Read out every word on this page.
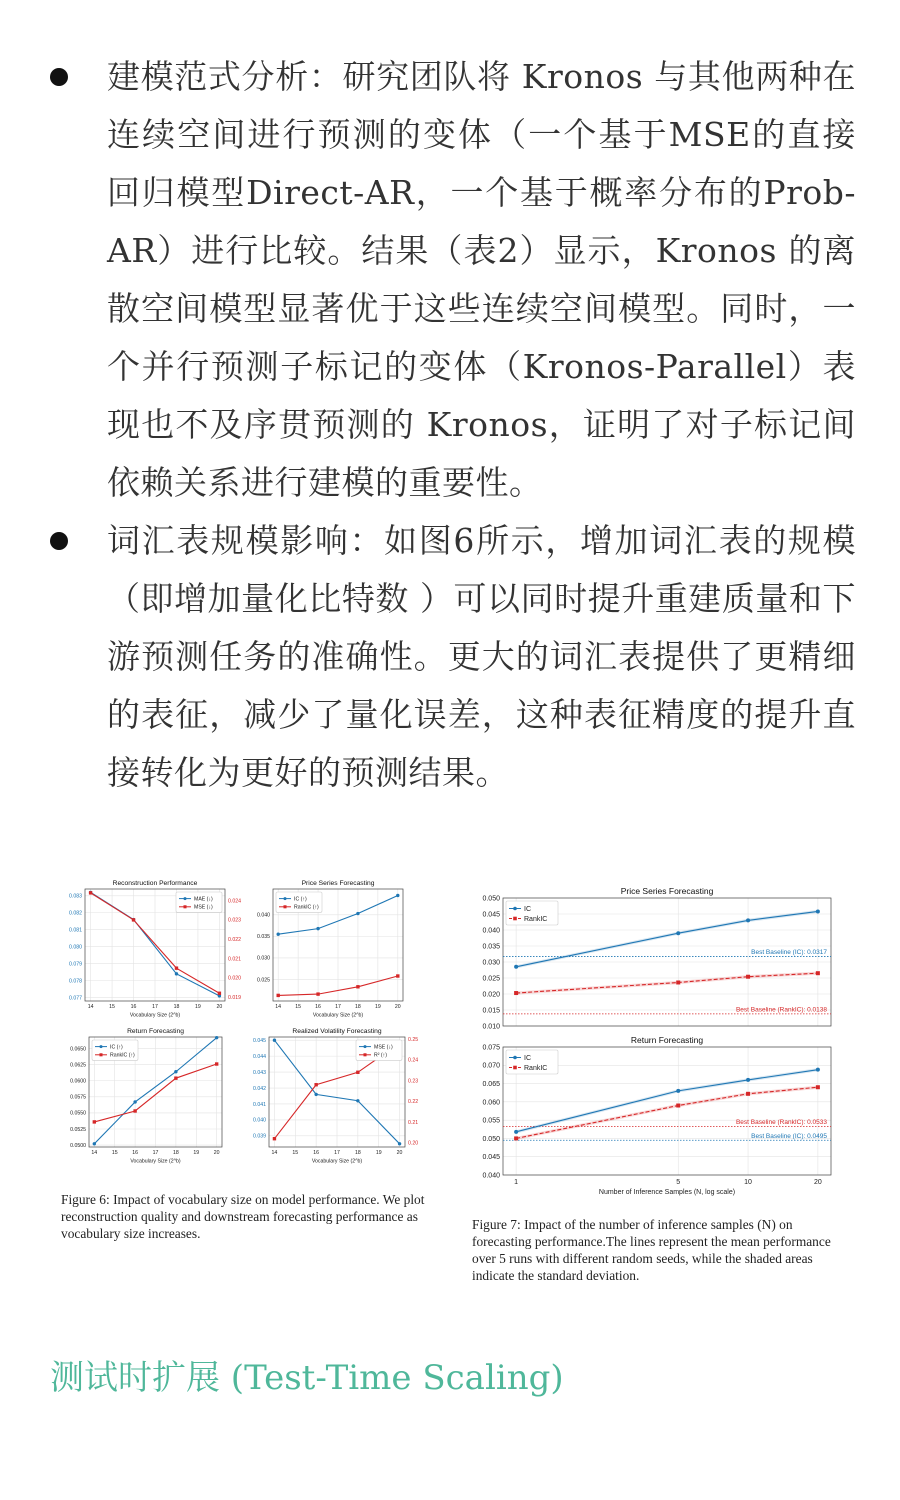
建模范式分析：研究团队将 Kronos 与其他两种在连续空间进行预测的变体（一个基于MSE的直接回归模型Direct-AR，一个基于概率分布的Prob-AR）进行比较。结果（表2）显示，Kronos 的离散空间模型显著优于这些连续空间模型。同时，一个并行预测子标记的变体（Kronos-Parallel）表现也不及序贯预测的 Kronos，证明了对子标记间依赖关系进行建模的重要性。
词汇表规模影响：如图6所示，增加词汇表的规模（即增加量化比特数 ）可以同时提升重建质量和下游预测任务的准确性。更大的词汇表提供了更精细的表征，减少了量化误差，这种表征精度的提升直接转化为更好的预测结果。
Reconstruction Performance
14	15	16	17	18	19	20
Vocabulary Size (2^b)
0.077
0.078
0.079
0.080
0.081
0.082
0.083
0.019
0.020
0.021
0.022
0.023
0.024
MAE (↓)
MSE (↓)
Price Series Forecasting
14	15	16	17	18	19	20
Vocabulary Size (2^b)
0.025
0.030
0.035
0.040
IC (↑)
RankIC (↑)
Return Forecasting
14	15	16	17	18	19	20
Vocabulary Size (2^b)
0.0500
0.0525
0.0550
0.0575
0.0600
0.0625
0.0650	IC (↑)
RankIC (↑)
Realized Volatility Forecasting
14	15	16	17	18	19	20
Vocabulary Size (2^b)
0.039
0.040
0.041
0.042
0.043
0.044
0.045
0.20
0.21
0.22
0.23
0.24
0.25
MSE (↓)
R² (↑)
Figure 6: Impact of vocabulary size on model performance. We plot reconstruction quality and downstream forecasting performance as vocabulary size increases.
Price Series Forecasting
0.010
0.015
0.020
0.025
0.030
0.035
0.040
0.045
0.050
Best Baseline (IC): 0.0317
Best Baseline (RankIC): 0.0138
IC
RankIC
Return Forecasting
1	5	10	20
Number of Inference Samples (N, log scale)
0.040
0.045
0.050
0.055
0.060
0.065
0.070
0.075
Best Baseline (RankIC): 0.0533
Best Baseline (IC): 0.0495
IC
RankIC
Figure 7: Impact of the number of inference samples (N) on forecasting performance.The lines represent the mean performance over 5 runs with different random seeds, while the shaded areas indicate the standard deviation.
测试时扩展 (Test-Time Scaling)
